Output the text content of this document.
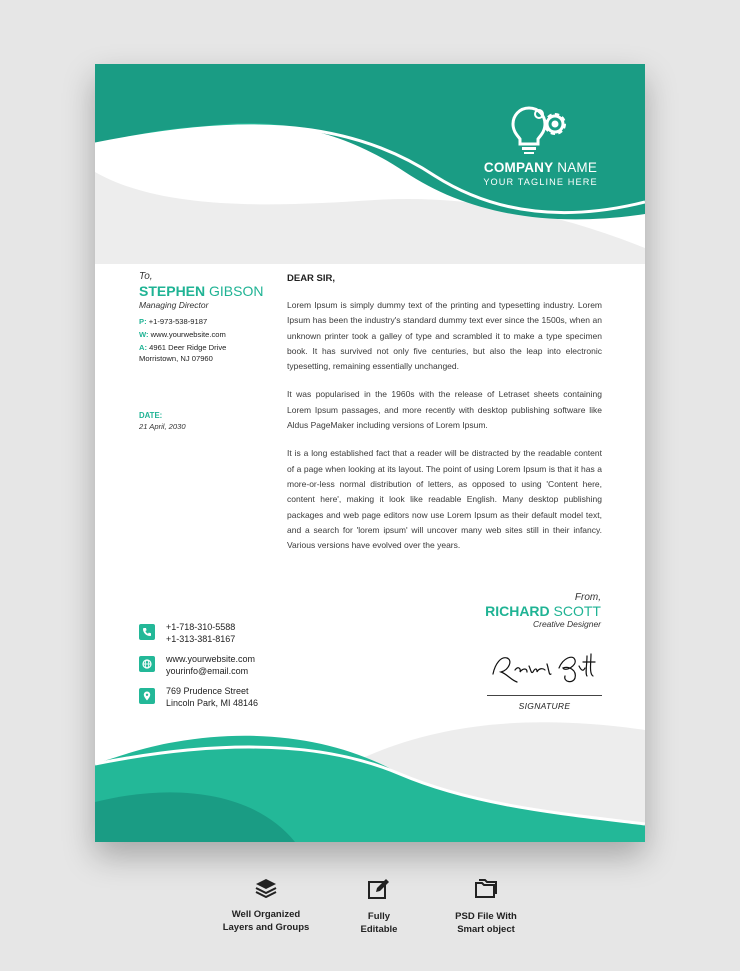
COMPANY NAME
YOUR TAGLINE HERE
To,
STEPHEN GIBSON
Managing Director
P: +1-973-538-9187
W: www.yourwebsite.com
A: 4961 Deer Ridge Drive
Morristown, NJ 07960
DATE:
21 April, 2030
DEAR SIR,

Lorem Ipsum is simply dummy text of the printing and typesetting industry. Lorem Ipsum has been the industry's standard dummy text ever since the 1500s, when an unknown printer took a galley of type and scrambled it to make a type specimen book. It has survived not only five centuries, but also the leap into electronic typesetting, remaining essentially unchanged.

It was popularised in the 1960s with the release of Letraset sheets containing Lorem Ipsum passages, and more recently with desktop publishing software like Aldus PageMaker including versions of Lorem Ipsum.

It is a long established fact that a reader will be distracted by the readable content of a page when looking at its layout. The point of using Lorem Ipsum is that it has a more-or-less normal distribution of letters, as opposed to using 'Content here, content here', making it look like readable English. Many desktop publishing packages and web page editors now use Lorem Ipsum as their default model text, and a search for 'lorem ipsum' will uncover many web sites still in their infancy. Various versions have evolved over the years.

+1-718-310-5588
+1-313-381-8167
www.yourwebsite.com
yourinfo@email.com
769 Prudence Street
Lincoln Park, MI 48146
From,
RICHARD SCOTT
Creative Designer
SIGNATURE
Well Organized
Layers and Groups
Fully
Editable
PSD File With
Smart object
